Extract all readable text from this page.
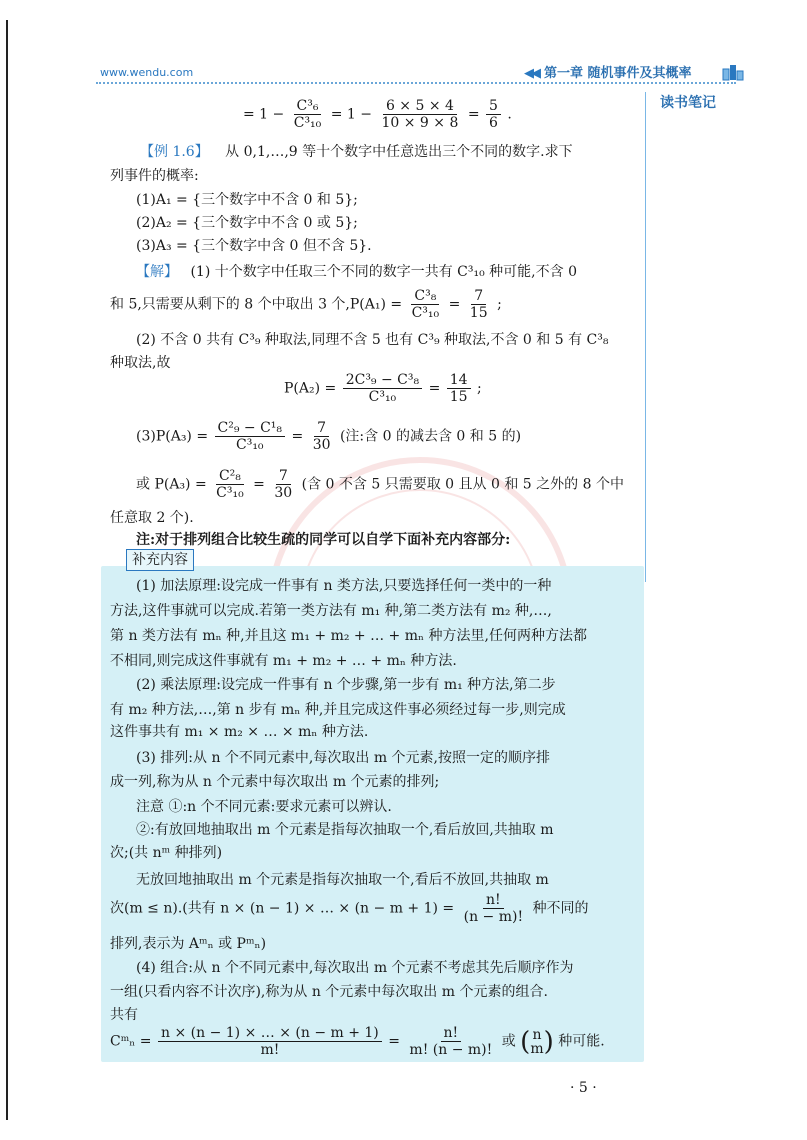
www.wendu.com	◀◀ 第一章 随机事件及其概率
读书笔记
= $1 - \frac{\text{C³₆}}{\text{C³₁₀}} = 1 - \frac{6 \times 5 \times 4}{10 \times 9 \times 8} = \frac{5}{6}$ .
【例 1.6】 从 0,1,…,9 等十个数字中任意选出三个不同的数字.求下
列事件的概率:
(1)A₁ = {三个数字中不含 0 和 5};
(2)A₂ = {三个数字中不含 0 或 5};
(3)A₃ = {三个数字中含 0 但不含 5}.
【解】 (1) 十个数字中任取三个不同的数字一共有 C³₁₀ 种可能,不含 0
和 5,只需要从剩下的 8 个中取出 3 个$,P(A_1) = \frac{\text{C³₈}}{\text{C³₁₀}} = \frac{7}{15}$ ;
(2) 不含 0 共有 C³₉ 种取法,同理不含 5 也有 C³₉ 种取法,不含 0 和 5 有 C³₈
种取法,故
$P(A_2) = \frac{\text{2C³₉ − C³₈}}{\text{C³₁₀}} = \frac{14}{15}$ ;
$(3)P(A_3) = \frac{\text{C²₉ − C¹₈}}{\text{C³₁₀}} = \frac{7}{30}$ (注:含 0 的减去含 0 和 5 的)
或 $P(A_3) = \frac{\text{C²₈}}{\text{C³₁₀}} = \frac{7}{30}$ (含 0 不含 5 只需要取 0 且从 0 和 5 之外的 8 个中
任意取 2 个).
注:对于排列组合比较生疏的同学可以自学下面补充内容部分:
补充内容
(1) 加法原理:设完成一件事有 n 类方法,只要选择任何一类中的一种
方法,这件事就可以完成.若第一类方法有 m₁ 种,第二类方法有 m₂ 种,…,
第 n 类方法有 mₙ 种,并且这 m₁ + m₂ + … + mₙ 种方法里,任何两种方法都
不相同,则完成这件事就有 m₁ + m₂ + … + mₙ 种方法.
(2) 乘法原理:设完成一件事有 n 个步骤,第一步有 m₁ 种方法,第二步
有 m₂ 种方法,…,第 n 步有 mₙ 种,并且完成这件事必须经过每一步,则完成
这件事共有 m₁ × m₂ × … × mₙ 种方法.
(3) 排列:从 n 个不同元素中,每次取出 m 个元素,按照一定的顺序排
成一列,称为从 n 个元素中每次取出 m 个元素的排列;
注意 ①:n 个不同元素:要求元素可以辨认.
②:有放回地抽取出 m 个元素是指每次抽取一个,看后放回,共抽取 m
次;(共 nᵐ 种排列)
无放回地抽取出 m 个元素是指每次抽取一个,看后不放回,共抽取 m
次(m ≤ n).(共有 n × (n − 1) × … × $(n - m + 1) = \frac{n!}{(n - m)!}$ 种不同的
排列,表示为 Aᵐₙ 或 Pᵐₙ)
(4) 组合:从 n 个不同元素中,每次取出 m 个元素不考虑其先后顺序作为
一组(只看内容不计次序),称为从 n 个元素中每次取出 m 个元素的组合.
共有
Cᵐₙ = $\frac{n \times (n - 1) \times \dots \times (n - m + 1)}{m!} = \frac{n!}{m! (n - m)!}$ 或 ( n
m ) 种可能.
· 5 ·
